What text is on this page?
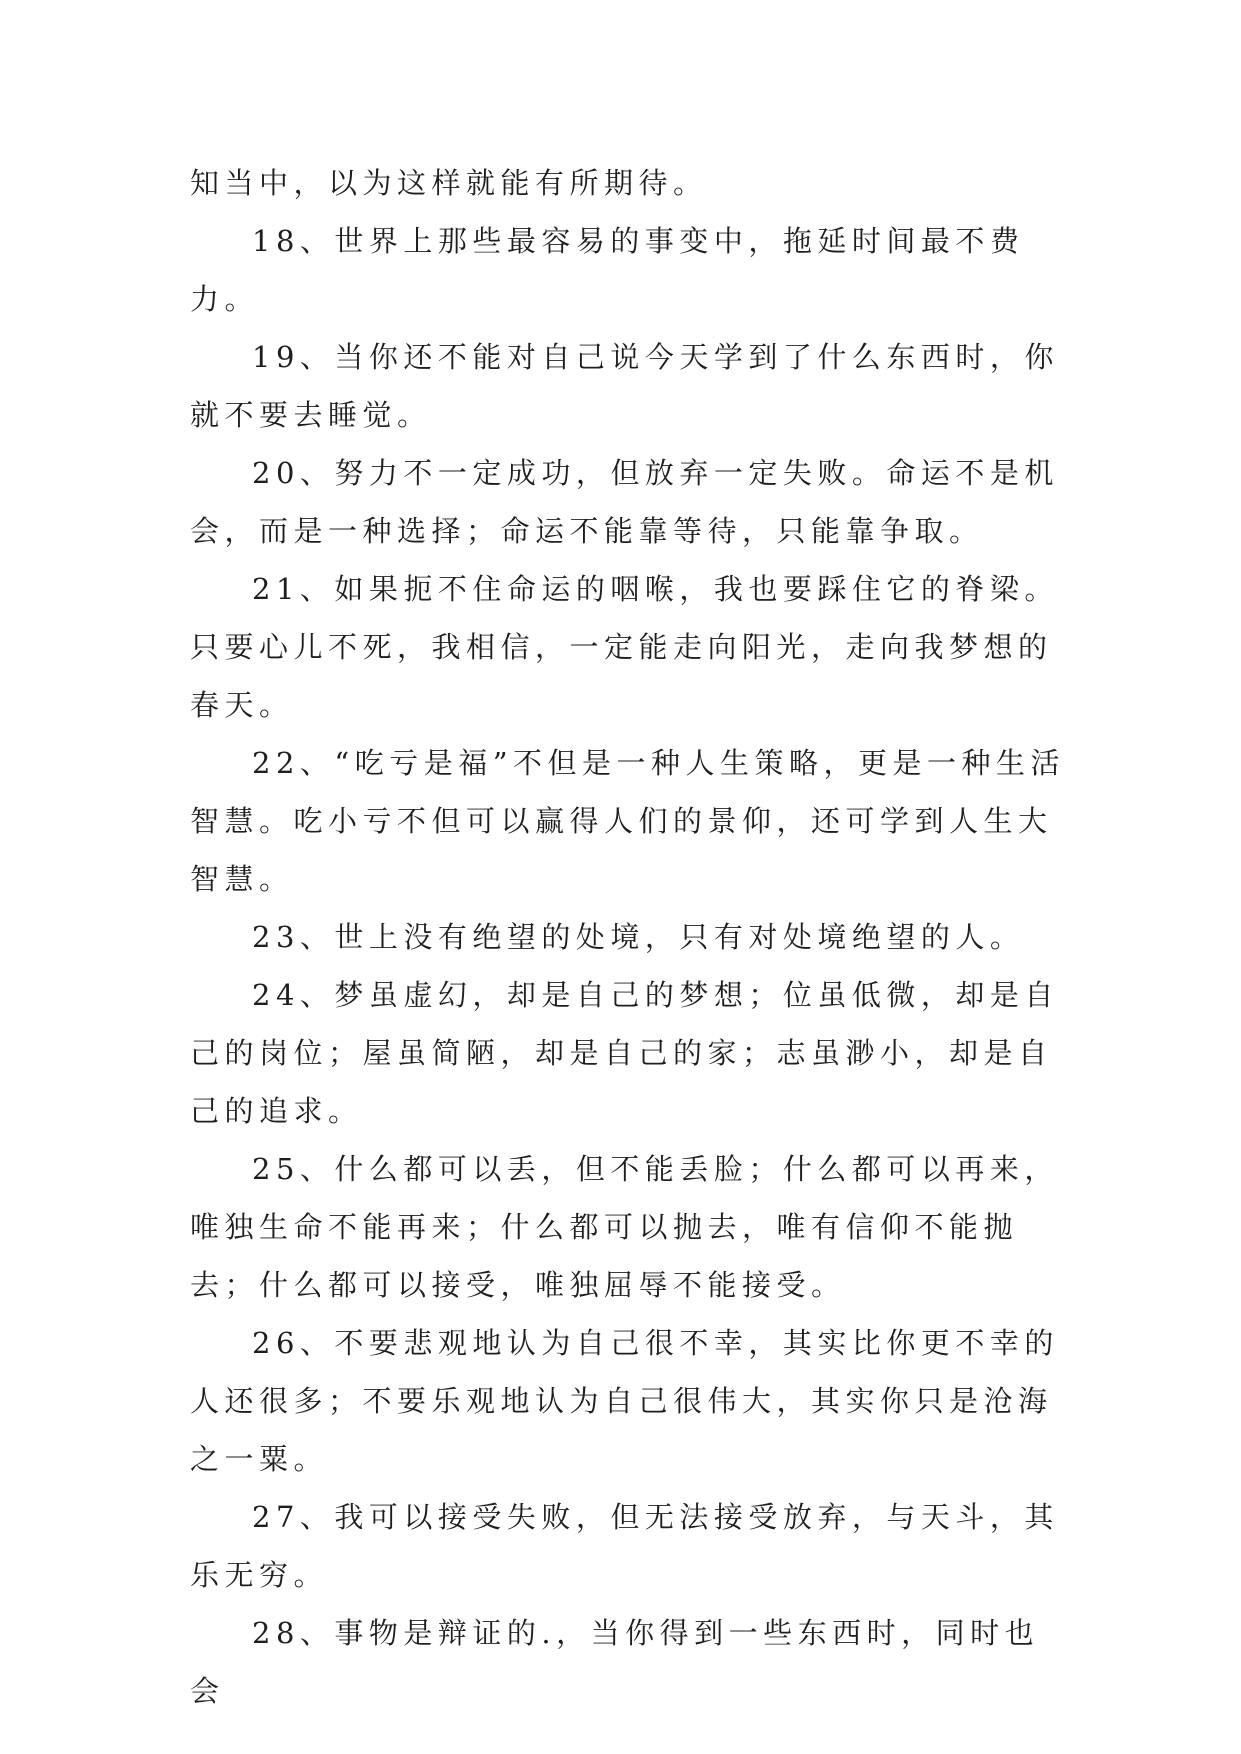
知当中，以为这样就能有所期待。

18、世界上那些最容易的事变中，拖延时间最不费力。

19、当你还不能对自己说今天学到了什么东西时，你就不要去睡觉。

20、努力不一定成功，但放弃一定失败。命运不是机会，而是一种选择；命运不能靠等待，只能靠争取。

21、如果扼不住命运的咽喉，我也要踩住它的脊梁。只要心儿不死，我相信，一定能走向阳光，走向我梦想的春天。

22、“吃亏是福”不但是一种人生策略，更是一种生活智慧。吃小亏不但可以赢得人们的景仰，还可学到人生大智慧。

23、世上没有绝望的处境，只有对处境绝望的人。

24、梦虽虚幻，却是自己的梦想；位虽低微，却是自己的岗位；屋虽简陋，却是自己的家；志虽渺小，却是自己的追求。

25、什么都可以丢，但不能丢脸；什么都可以再来，唯独生命不能再来；什么都可以抛去，唯有信仰不能抛去；什么都可以接受，唯独屈辱不能接受。

26、不要悲观地认为自己很不幸，其实比你更不幸的人还很多；不要乐观地认为自己很伟大，其实你只是沧海之一粟。

27、我可以接受失败，但无法接受放弃，与天斗，其乐无穷。

28、事物是辩证的.，当你得到一些东西时，同时也会
